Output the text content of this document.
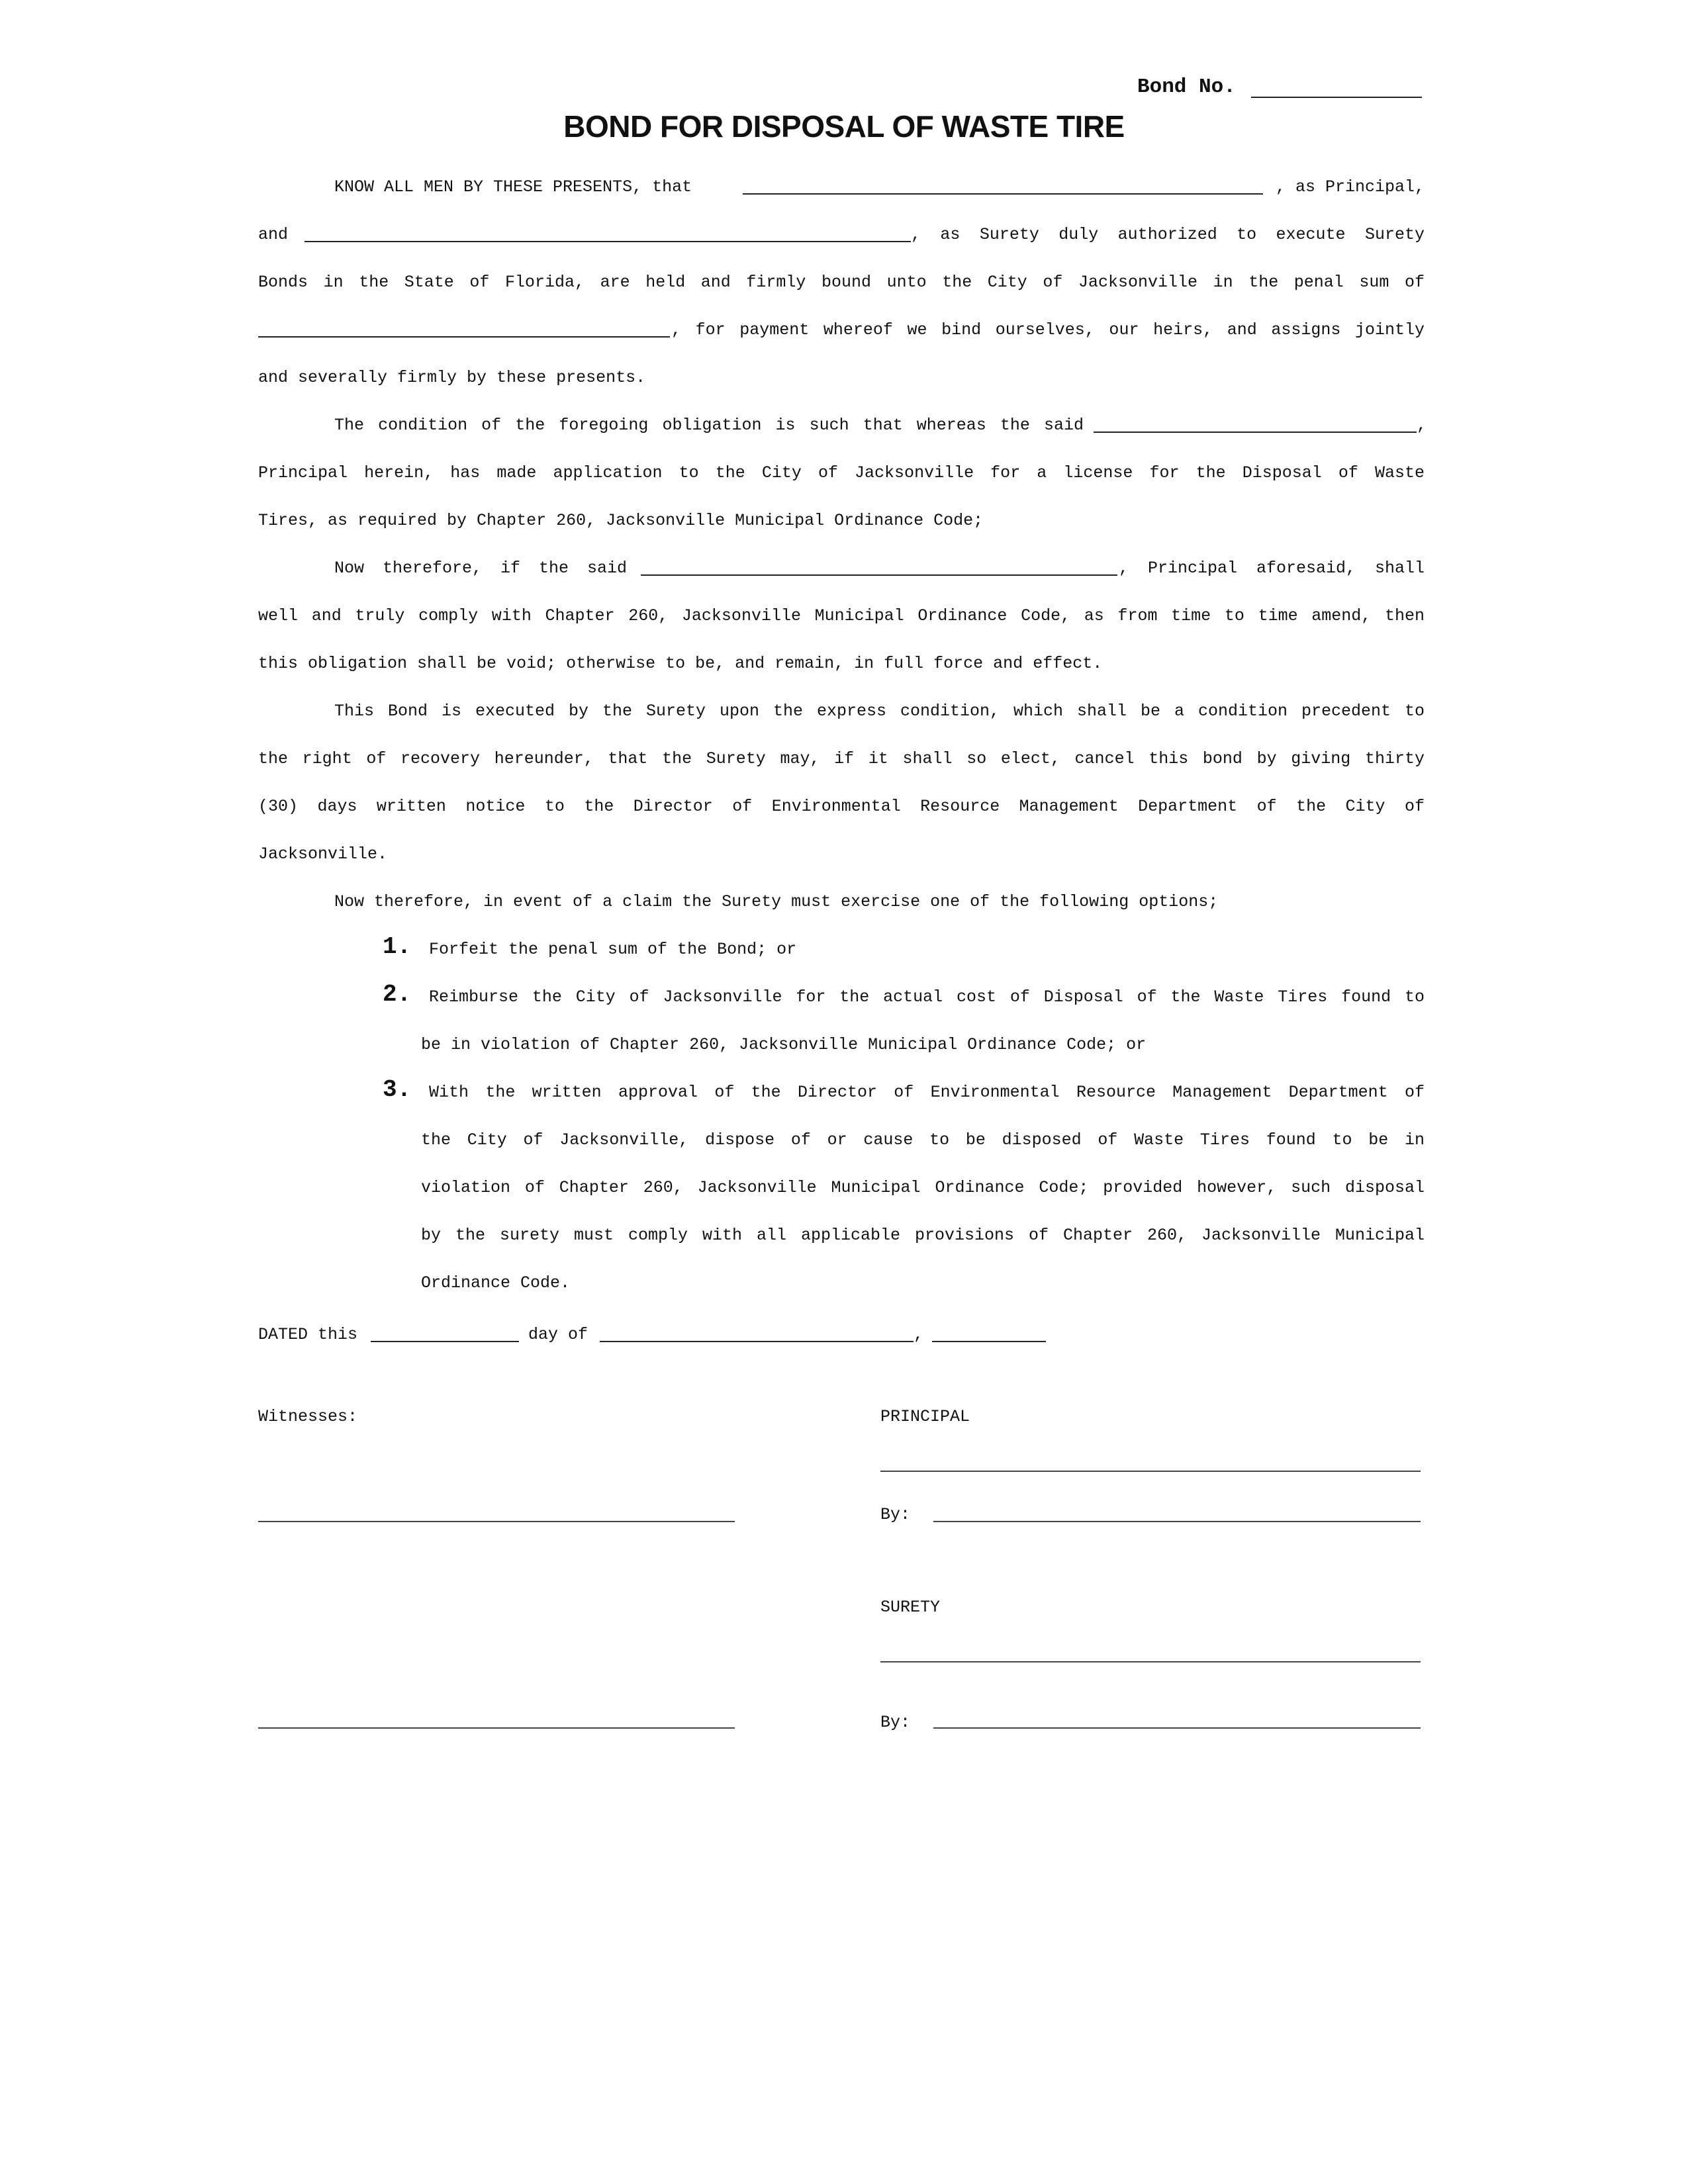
Bond No.
BOND FOR DISPOSAL OF WASTE TIRE
KNOW ALL MEN BY THESE PRESENTS, that	, as Principal,
and	, as Surety duly authorized to execute Surety
Bonds in the State of Florida, are held and firmly bound unto the City of Jacksonville in the penal sum of
, for payment whereof we bind ourselves, our heirs, and assigns jointly
and severally firmly by these presents.
The condition of the foregoing obligation is such that whereas the said	,
Principal herein, has made application to the City of Jacksonville for a license for the Disposal of Waste
Tires, as required by Chapter 260, Jacksonville Municipal Ordinance Code;
Now therefore, if the said	, Principal aforesaid, shall
well and truly comply with Chapter 260, Jacksonville Municipal Ordinance Code, as from time to time amend, then
this obligation shall be void; otherwise to be, and remain, in full force and effect.
This Bond is executed by the Surety upon the express condition, which shall be a condition precedent to
the right of recovery hereunder, that the Surety may, if it shall so elect, cancel this bond by giving thirty
(30) days written notice to the Director of Environmental Resource Management Department of the City of
Jacksonville.
Now therefore, in event of a claim the Surety must exercise one of the following options;
1. Forfeit the penal sum of the Bond; or
2. Reimburse the City of Jacksonville for the actual cost of Disposal of the Waste Tires found to
be in violation of Chapter 260, Jacksonville Municipal Ordinance Code; or
3. With the written approval of the Director of Environmental Resource Management Department of
the City of Jacksonville, dispose of or cause to be disposed of Waste Tires found to be in
violation of Chapter 260, Jacksonville Municipal Ordinance Code; provided however, such disposal
by the surety must comply with all applicable provisions of Chapter 260, Jacksonville Municipal
Ordinance Code.
DATED this	day of	,
Witnesses:	PRINCIPAL
By:
SURETY
By:
